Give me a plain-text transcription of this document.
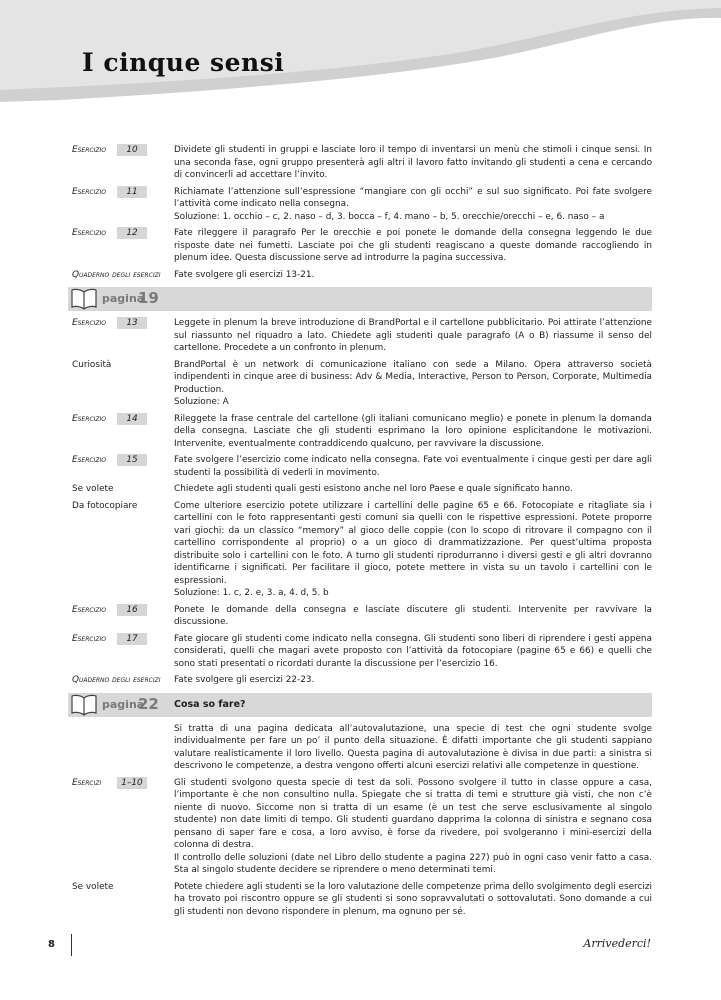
I cinque sensi
Esercizio	10	Dividete gli studenti in gruppi e lasciate loro il tempo di inventarsi un menù che stimoli i cinque sensi. In una seconda fase, ogni gruppo presenterà agli altri il lavoro fatto invitando gli studenti a cena e cercando di convincerli ad accettare l’invito.
Esercizio	11	Richiamate l’attenzione sull’espressione “mangiare con gli occhi” e sul suo significato. Poi fate svolgere l’attività come indicato nella consegna.
Soluzione: 1. occhio – c, 2. naso – d, 3. bocca – f, 4. mano – b, 5. orecchie/orecchi – e, 6. naso – a
Esercizio	12	Fate rileggere il paragrafo Per le orecchie e poi ponete le domande della consegna leggendo le due risposte date nei fumetti. Lasciate poi che gli studenti reagiscano a queste domande raccogliendo in plenum idee. Questa discussione serve ad introdurre la pagina successiva.
Quaderno degli esercizi	Fate svolgere gli esercizi 13-21.
pagina
19
Esercizio	13	Leggete in plenum la breve introduzione di BrandPortal e il cartellone pubblicitario. Poi attirate l’attenzione sul riassunto nel riquadro a lato. Chiedete agli studenti quale paragrafo (A o B) riassume il senso del cartellone. Procedete a un confronto in plenum.
Curiosità	BrandPortal è un network di comunicazione italiano con sede a Milano. Opera attraverso società indipendenti in cinque aree di business: Adv & Media, Interactive, Person to Person, Corporate, Multimedia Production.
Soluzione: A
Esercizio	14	Rileggete la frase centrale del cartellone (gli italiani comunicano meglio) e ponete in plenum la domanda della consegna. Lasciate che gli studenti esprimano la loro opinione esplicitandone le motivazioni. Intervenite, eventualmente contraddicendo qualcuno, per ravvivare la discussione.
Esercizio	15	Fate svolgere l’esercizio come indicato nella consegna. Fate voi eventualmente i cinque gesti per dare agli studenti la possibilità di vederli in movimento.
Se volete	Chiedete agli studenti quali gesti esistono anche nel loro Paese e quale significato hanno.
Da fotocopiare	Come ulteriore esercizio potete utilizzare i cartellini delle pagine 65 e 66. Fotocopiate e ritagliate sia i cartellini con le foto rappresentanti gesti comuni sia quelli con le rispettive espressioni. Potete proporre vari giochi: da un classico “memory” al gioco delle coppie (con lo scopo di ritrovare il compagno con il cartellino corrispondente al proprio) o a un gioco di drammatizzazione. Per quest’ultima proposta distribuite solo i cartellini con le foto. A turno gli studenti riprodurranno i diversi gesti e gli altri dovranno identificarne i significati. Per facilitare il gioco, potete mettere in vista su un tavolo i cartellini con le espressioni.
Soluzione: 1. c, 2. e, 3. a, 4. d, 5. b
Esercizio	16	Ponete le domande della consegna e lasciate discutere gli studenti. Intervenite per ravvivare la discussione.
Esercizio	17	Fate giocare gli studenti come indicato nella consegna. Gli studenti sono liberi di riprendere i gesti appena considerati, quelli che magari avete proposto con l’attività da fotocopiare (pagine 65 e 66) e quelli che sono stati presentati o ricordati durante la discussione per l’esercizio 16.
Quaderno degli esercizi	Fate svolgere gli esercizi 22-23.
pagina
22 Cosa so fare?
Si tratta di una pagina dedicata all’autovalutazione, una specie di test che ogni studente svolge individualmente per fare un po’ il punto della situazione. È difatti importante che gli studenti sappiano valutare realisticamente il loro livello. Questa pagina di autovalutazione è divisa in due parti: a sinistra si descrivono le competenze, a destra vengono offerti alcuni esercizi relativi alle competenze in questione.
Esercizi	1–10	Gli studenti svolgono questa specie di test da soli. Possono svolgere il tutto in classe oppure a casa, l’importante è che non consultino nulla. Spiegate che si tratta di temi e strutture già visti, che non c’è niente di nuovo. Siccome non si tratta di un esame (è un test che serve esclusivamente al singolo studente) non date limiti di tempo. Gli studenti guardano dapprima la colonna di sinistra e segnano cosa pensano di saper fare e cosa, a loro avviso, è forse da rivedere, poi svolgeranno i mini-esercizi della colonna di destra.
Il controllo delle soluzioni (date nel Libro dello studente a pagina 227) può in ogni caso venir fatto a casa. Sta al singolo studente decidere se riprendere o meno determinati temi.
Se volete	Potete chiedere agli studenti se la loro valutazione delle competenze prima dello svolgimento degli esercizi ha trovato poi riscontro oppure se gli studenti si sono sopravvalutati o sottovalutati. Sono domande a cui gli studenti non devono rispondere in plenum, ma ognuno per sé.
8	Arrivederci!
